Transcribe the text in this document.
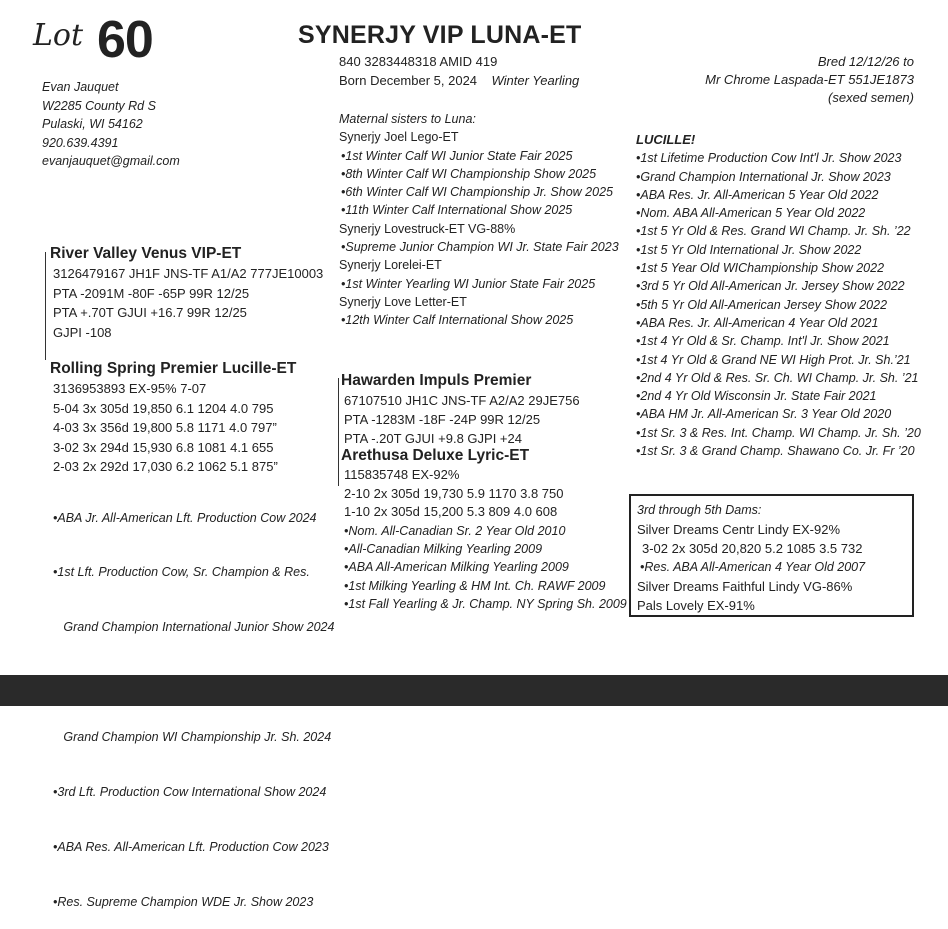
Lot 60	SYNERJY VIP LUNA-ET
840 3283448318 AMID 419
Born December 5, 2024 Winter Yearling
Bred 12/12/26 to
Mr Chrome Laspada-ET 551JE1873
(sexed semen)
Evan Jauquet
W2285 County Rd S
Pulaski, WI 54162
920.639.4391
evanjauquet@gmail.com
Maternal sisters to Luna:
Synerjy Joel Lego-ET
•1st Winter Calf WI Junior State Fair 2025
•8th Winter Calf WI Championship Show 2025
•6th Winter Calf WI Championship Jr. Show 2025
•11th Winter Calf International Show 2025
Synerjy Lovestruck-ET VG-88%
•Supreme Junior Champion WI Jr. State Fair 2023
Synerjy Lorelei-ET
•1st Winter Yearling WI Junior State Fair 2025
Synerjy Love Letter-ET
•12th Winter Calf International Show 2025
River Valley Venus VIP-ET
3126479167 JH1F JNS-TF A1/A2 777JE10003
PTA -2091M -80F -65P 99R 12/25
PTA +.70T GJUI +16.7 99R 12/25
GJPI -108
Rolling Spring Premier Lucille-ET
3136953893 EX-95% 7-07
5-04 3x 305d 19,850 6.1 1204 4.0 795
4-03 3x 356d 19,800 5.8 1171 4.0 797”
3-02 3x 294d 15,930 6.8 1081 4.1 655
2-03 2x 292d 17,030 6.2 1062 5.1 875”

•ABA Jr. All-American Lft. Production Cow 2024

•1st Lft. Production Cow, Sr. Champion & Res.

Grand Champion International Junior Show 2024

Grand Champion WI Championship Jr. Sh. 2024

•3rd Lft. Production Cow International Show 2024

•ABA Res. All-American Lft. Production Cow 2023

•Res. Supreme Champion WDE Jr. Show 2023

Hawarden Impuls Premier
67107510 JH1C JNS-TF A2/A2 29JE756
PTA -1283M -18F -24P 99R 12/25
PTA -.20T GJUI +9.8 GJPI +24
Arethusa Deluxe Lyric-ET
115835748 EX-92%
2-10 2x 305d 19,730 5.9 1170 3.8 750
1-10 2x 305d 15,200 5.3 809 4.0 608
•Nom. All-Canadian Sr. 2 Year Old 2010
•All-Canadian Milking Yearling 2009
•ABA All-American Milking Yearling 2009
•1st Milking Yearling & HM Int. Ch. RAWF 2009
•1st Fall Yearling & Jr. Champ. NY Spring Sh. 2009
LUCILLE!
•1st Lifetime Production Cow Int'l Jr. Show 2023
•Grand Champion International Jr. Show 2023
•ABA Res. Jr. All-American 5 Year Old 2022
•Nom. ABA All-American 5 Year Old 2022
•1st 5 Yr Old & Res. Grand WI Champ. Jr. Sh. ’22
•1st 5 Yr Old International Jr. Show 2022
•1st 5 Year Old WIChampionship Show 2022
•3rd 5 Yr Old All-American Jr. Jersey Show 2022
•5th 5 Yr Old All-American Jersey Show 2022
•ABA Res. Jr. All-American 4 Year Old 2021
•1st 4 Yr Old & Sr. Champ. Int'l Jr. Show 2021
•1st 4 Yr Old & Grand NE WI High Prot. Jr. Sh.’21
•2nd 4 Yr Old & Res. Sr. Ch. WI Champ. Jr. Sh. ’21
•2nd 4 Yr Old Wisconsin Jr. State Fair 2021
•ABA HM Jr. All-American Sr. 3 Year Old 2020
•1st Sr. 3 & Res. Int. Champ. WI Champ. Jr. Sh. ’20
•1st Sr. 3 & Grand Champ. Shawano Co. Jr. Fr ’20
3rd through 5th Dams:
Silver Dreams Centr Lindy EX-92%
3-02 2x 305d 20,820 5.2 1085 3.5 732
•Res. ABA All-American 4 Year Old 2007
Silver Dreams Faithful Lindy VG-86%
Pals Lovely EX-91%
